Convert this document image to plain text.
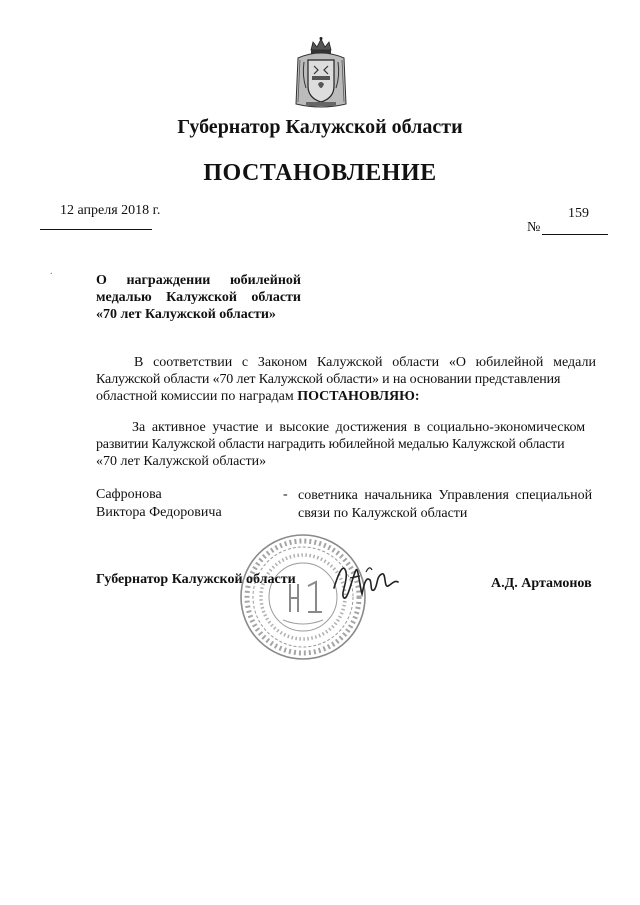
Губернатор Калужской области
ПОСТАНОВЛЕНИЕ
12 апреля 2018 г.	159
№
.
О награждении юбилейной
медалью Калужской области
«70 лет Калужской области»
В соответствии с Законом Калужской области «О юбилейной медали
Калужской области «70 лет Калужской области» и на основании представления
областной комиссии по наградам ПОСТАНОВЛЯЮ:
За активное участие и высокие достижения в социально-экономическом
развитии Калужской области наградить юбилейной медалью Калужской области
«70 лет Калужской области»
Сафронова
Виктора Федоровича
- советника начальника Управления специальной
связи по Калужской области
Губернатор Калужской области	А.Д. Артамонов
